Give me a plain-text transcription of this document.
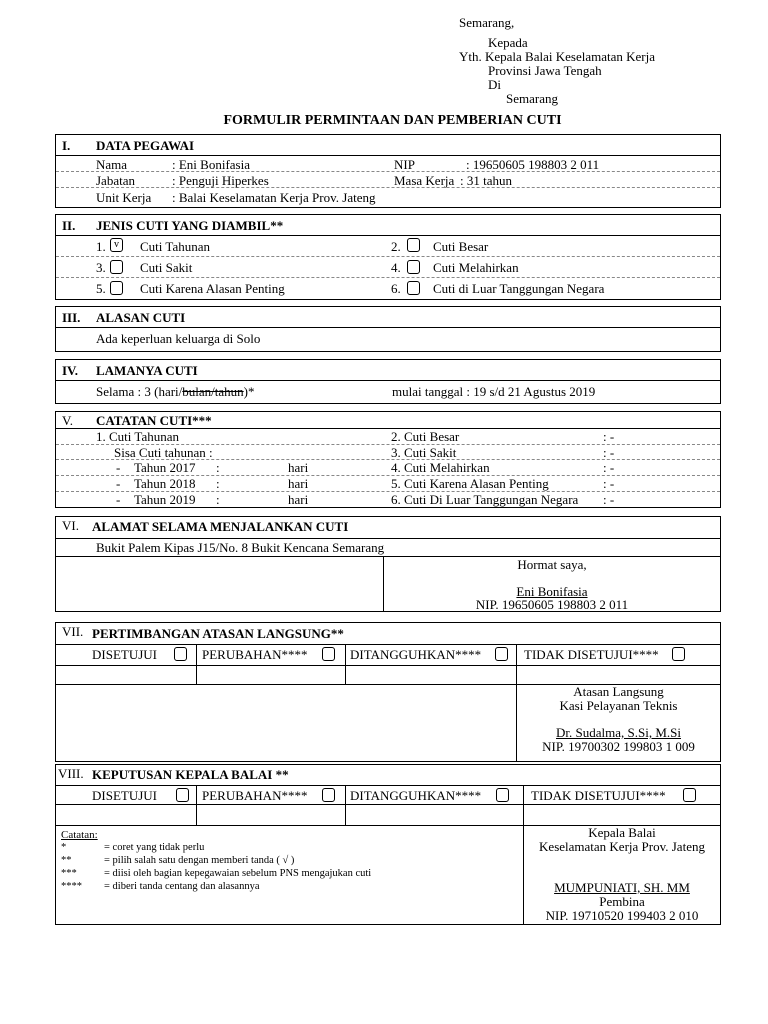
Semarang,
Kepada
Yth. Kepala Balai Keselamatan Kerja
Provinsi Jawa Tengah
Di
Semarang
FORMULIR PERMINTAAN DAN PEMBERIAN CUTI
I. DATA PEGAWAI
Nama	: Eni Bonifasia	NIP	: 19650605 198803 2 011
Jabatan	: Penguji Hiperkes	Masa Kerja : 31 tahun
Unit Kerja : Balai Keselamatan Kerja Prov. Jateng
II. JENIS CUTI YANG DIAMBIL**
1. v	Cuti Tahunan	2. Cuti Besar
3.	Cuti Sakit	4. Cuti Melahirkan
5.	Cuti Karena Alasan Penting	6. Cuti di Luar Tanggungan Negara
III. ALASAN CUTI
Ada keperluan keluarga di Solo
IV. LAMANYA CUTI
Selama : 3 (hari/bulan/tahun)*	mulai tanggal : 19 s/d 21 Agustus 2019
V. CATATAN CUTI***
1. Cuti Tahunan
Sisa Cuti tahunan :
- Tahun 2017 :	hari
- Tahun 2018 :	hari
- Tahun 2019 :	hari
2. Cuti Besar	: -
3. Cuti Sakit	: -
4. Cuti Melahirkan	: -
5. Cuti Karena Alasan Penting	: -
6. Cuti Di Luar Tanggungan Negara : -
VI. ALAMAT SELAMA MENJALANKAN CUTI
Bukit Palem Kipas J15/No. 8 Bukit Kencana Semarang
Hormat saya,
Eni Bonifasia
NIP. 19650605 198803 2 011
VII. PERTIMBANGAN ATASAN LANGSUNG**
DISETUJUI	PERUBAHAN****	DITANGGUHKAN****	TIDAK DISETUJUI****
Atasan Langsung
Kasi Pelayanan Teknis
Dr. Sudalma, S.Si, M.Si
NIP. 19700302 199803 1 009
VIII. KEPUTUSAN KEPALA BALAI **
DISETUJUI	PERUBAHAN****	DITANGGUHKAN****	TIDAK DISETUJUI****
Catatan:
*	= coret yang tidak perlu
**	= pilih salah satu dengan memberi tanda ( √ )
***	= diisi oleh bagian kepegawaian sebelum PNS mengajukan cuti
**** = diberi tanda centang dan alasannya
Kepala Balai
Keselamatan Kerja Prov. Jateng
MUMPUNIATI, SH. MM
Pembina
NIP. 19710520 199403 2 010
